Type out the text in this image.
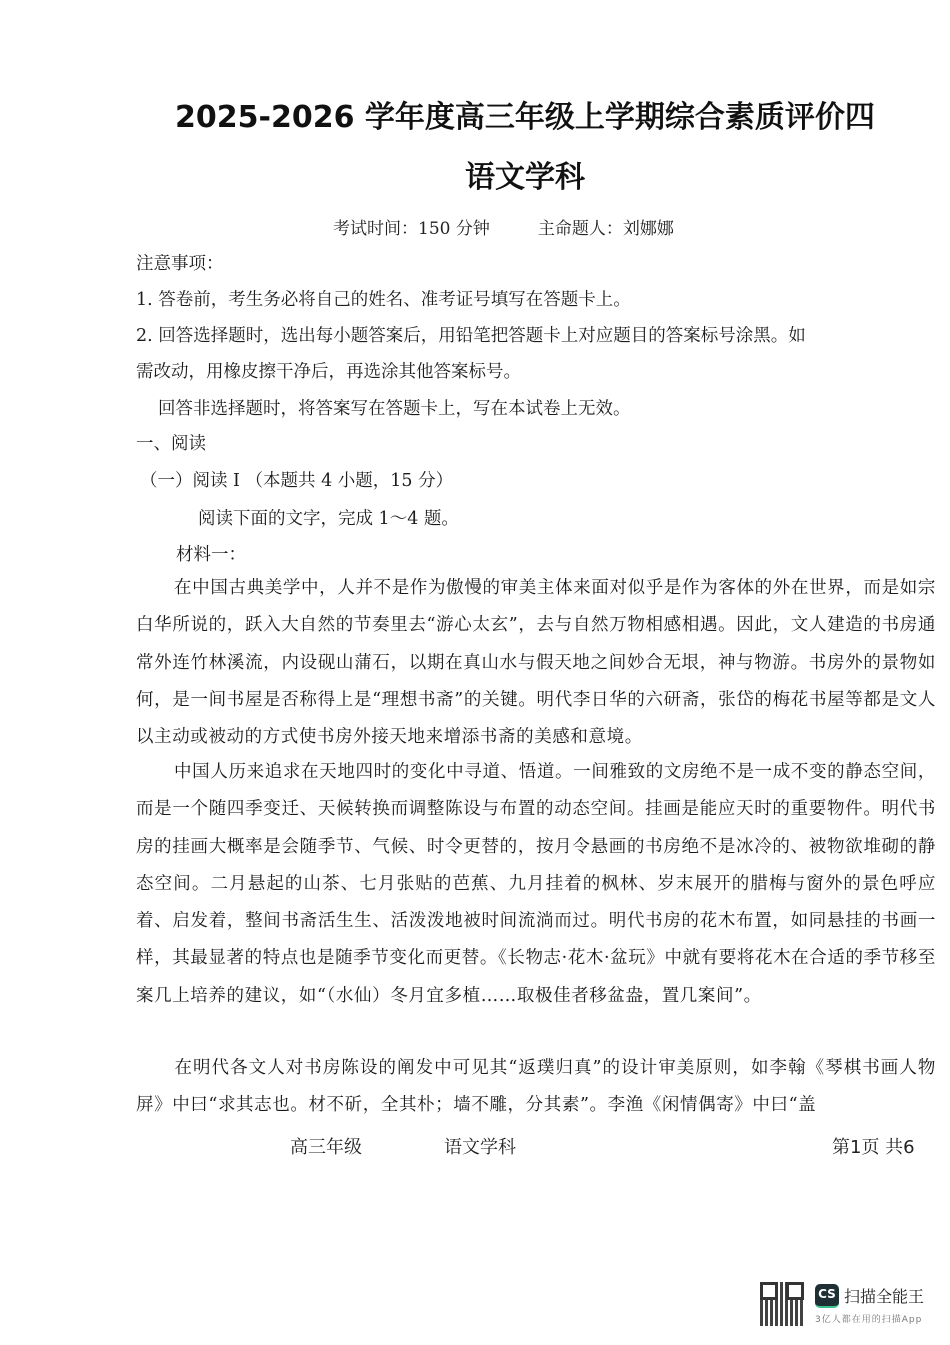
2025-2026 学年度高三年级上学期综合素质评价四
语文学科
考试时间：150 分钟	主命题人：刘娜娜
注意事项：
1. 答卷前，考生务必将自己的姓名、准考证号填写在答题卡上。
2. 回答选择题时，选出每小题答案后，用铅笔把答题卡上对应题目的答案标号涂黑。如
需改动，用橡皮擦干净后，再选涂其他答案标号。
回答非选择题时，将答案写在答题卡上，写在本试卷上无效。
一、阅读
（一）阅读 I （本题共 4 小题，15 分）
阅读下面的文字，完成 1～4 题。
材料一：
在中国古典美学中，人并不是作为傲慢的审美主体来面对似乎是作为客体的外在世界，而是如宗白华所说的，跃入大自然的节奏里去“游心太玄”，去与自然万物相感相遇。因此，文人建造的书房通常外连竹林溪流，内设砚山蒲石，以期在真山水与假天地之间妙合无垠，神与物游。书房外的景物如何，是一间书屋是否称得上是“理想书斋”的关键。明代李日华的六研斋，张岱的梅花书屋等都是文人以主动或被动的方式使书房外接天地来增添书斋的美感和意境。
中国人历来追求在天地四时的变化中寻道、悟道。一间雅致的文房绝不是一成不变的静态空间，而是一个随四季变迁、天候转换而调整陈设与布置的动态空间。挂画是能应天时的重要物件。明代书房的挂画大概率是会随季节、气候、时令更替的，按月令悬画的书房绝不是冰冷的、被物欲堆砌的静态空间。二月悬起的山茶、七月张贴的芭蕉、九月挂着的枫林、岁末展开的腊梅与窗外的景色呼应着、启发着，整间书斋活生生、活泼泼地被时间流淌而过。明代书房的花木布置，如同悬挂的书画一样，其最显著的特点也是随季节变化而更替。《长物志·花木·盆玩》中就有要将花木在合适的季节移至案几上培养的建议，如“（水仙）冬月宜多植……取极佳者移盆盎，置几案间”。
在明代各文人对书房陈设的阐发中可见其“返璞归真”的设计审美原则，如李翰《琴棋书画人物屏》中曰“求其志也。材不斫，全其朴；墙不雕，分其素”。李渔《闲情偶寄》中曰“盖
高三年级	语文学科	第1页 共6
CS 扫描全能王
3亿人都在用的扫描App
